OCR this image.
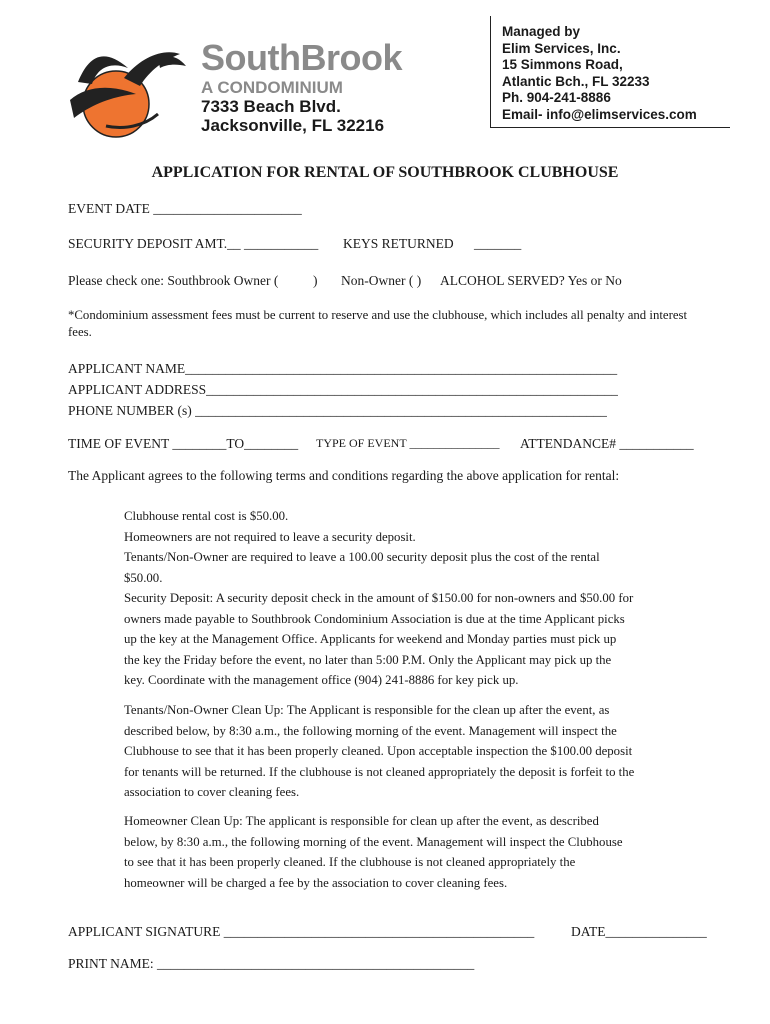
SouthBrook
A CONDOMINIUM
7333 Beach Blvd.
Jacksonville, FL 32216
Managed by
Elim Services, Inc.
15 Simmons Road,
Atlantic Bch., FL 32233
Ph. 904-241-8886
Email- info@elimservices.com
APPLICATION FOR RENTAL OF SOUTHBROOK CLUBHOUSE
EVENT DATE ______________________
SECURITY DEPOSIT AMT.__ ___________ KEYS RETURNED _______
Please check one: Southbrook Owner (	) Non-Owner ( ) ALCOHOL SERVED? Yes or No
*Condominium assessment fees must be current to reserve and use the clubhouse, which includes all penalty and interest fees.
APPLICANT NAME________________________________________________________________
APPLICANT ADDRESS_____________________________________________________________
PHONE NUMBER (s) _____________________________________________________________
TIME OF EVENT ________TO________ TYPE OF EVENT _______________ ATTENDANCE# ___________
The Applicant agrees to the following terms and conditions regarding the above application for rental:
Clubhouse rental cost is $50.00.
Homeowners are not required to leave a security deposit.
Tenants/Non-Owner are required to leave a 100.00 security deposit plus the cost of the rental
$50.00.
Security Deposit: A security deposit check in the amount of $150.00 for non-owners and $50.00 for
owners made payable to Southbrook Condominium Association is due at the time Applicant picks
up the key at the Management Office. Applicants for weekend and Monday parties must pick up
the key the Friday before the event, no later than 5:00 P.M. Only the Applicant may pick up the
key. Coordinate with the management office (904) 241-8886 for key pick up.
Tenants/Non-Owner Clean Up: The Applicant is responsible for the clean up after the event, as
described below, by 8:30 a.m., the following morning of the event. Management will inspect the
Clubhouse to see that it has been properly cleaned. Upon acceptable inspection the $100.00 deposit
for tenants will be returned. If the clubhouse is not cleaned appropriately the deposit is forfeit to the
association to cover cleaning fees.
Homeowner Clean Up: The applicant is responsible for clean up after the event, as described
below, by 8:30 a.m., the following morning of the event. Management will inspect the Clubhouse
to see that it has been properly cleaned. If the clubhouse is not cleaned appropriately the
homeowner will be charged a fee by the association to cover cleaning fees.
APPLICANT SIGNATURE ______________________________________________	DATE_______________
PRINT NAME: _______________________________________________
